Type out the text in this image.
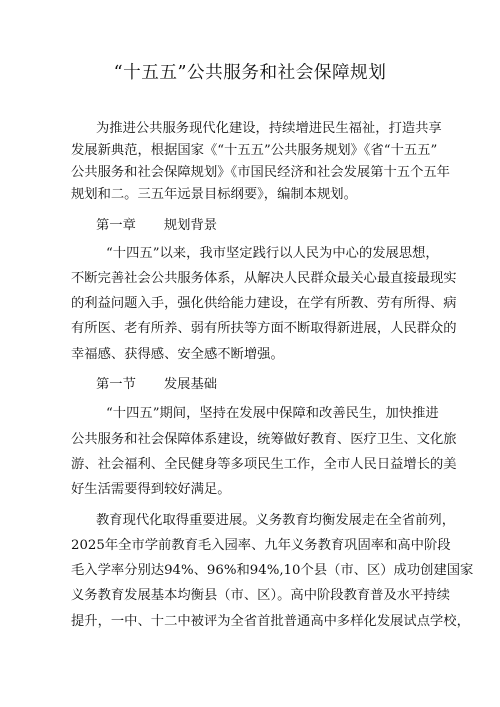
“十五五”公共服务和社会保障规划
为推进公共服务现代化建设，持续增进民生福祉，打造共享
发展新典范，根据国家《“十五五”公共服务规划》《省“十五五”
公共服务和社会保障规划》《市国民经济和社会发展第十五个五年
规划和二。三五年远景目标纲要》，编制本规划。
第一章 规划背景
“十四五”以来，我市坚定践行以人民为中心的发展思想，
不断完善社会公共服务体系，从解决人民群众最关心最直接最现实
的利益问题入手，强化供给能力建设，在学有所教、劳有所得、病
有所医、老有所养、弱有所扶等方面不断取得新进展，人民群众的
幸福感、获得感、安全感不断增强。
第一节 发展基础
“十四五”期间，坚持在发展中保障和改善民生，加快推进
公共服务和社会保障体系建设，统筹做好教育、医疗卫生、文化旅
游、社会福利、全民健身等多项民生工作，全市人民日益增长的美
好生活需要得到较好满足。
教育现代化取得重要进展。义务教育均衡发展走在全省前列，
2025年全市学前教育毛入园率、九年义务教育巩固率和高中阶段
毛入学率分别达94%、96%和94%,10个县（市、区）成功创建国家
义务教育发展基本均衡县（市、区）。高中阶段教育普及水平持续
提升，一中、十二中被评为全省首批普通高中多样化发展试点学校，
